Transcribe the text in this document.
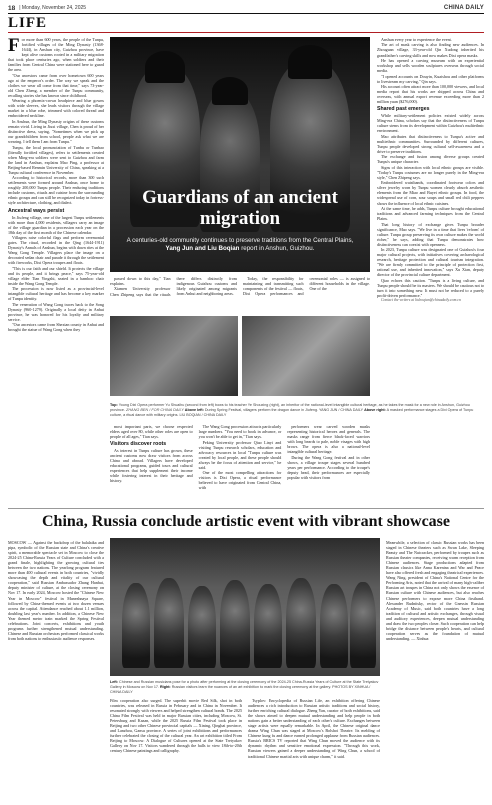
18 | Monday, November 24, 2025	CHINA DAILY
LIFE

For more than 600 years, the people of the Tunpu, fortified villages of the Ming Dynasty (1368-1644), in Anshun city, Guizhou province, have kept alive customs rooted in a military migration that took place centuries ago, when soldiers and their families from Central China were stationed here to guard the area.

"Our ancestors came from over hometown 600 years ago at the emperor's order. The way we speak and the clothes we wear all come from that time," says 73-year-old Chen Zheng, a member of the Tunpu community, recalling stories she has known since childhood.

Wearing a phoenix-crown headpiece and blue gowns with wide sleeves, she leads visitors through the village market in a blue robe, trimmed with colored thread and embroidered neckline.

In Anshun, the Ming Dynasty origins of these customs remain vivid. Living in Jiuxi village, Chen is proud of her distinctive dress, saying, "Sometimes when we pick up our grandchildren from school, people ask what we are wearing. I tell them I am from Tunpu."

Tunpu, the local pronunciation of Tunbu or Tunbao (literally fortified villages), refers to settlements created when Ming-era soldiers were sent to Guizhou and farm the land in Anshun, explains Mao Ping, a professor at Beijing-based Renmin University of China, speaking at a Tunpu cultural conference in November.

According to historical records, more than 300 such settlements were formed around Anshun, once home to roughly 200,000 Tunpu people. Their enduring traditions include customs, rituals and cuisine from the surrounding ethnic groups and can still be recognized today in fortress-style architecture, clothing, and dialect.

Ancestral ways persist

In Jiufeng village, one of the largest Tunpu settlements with more than 4,000 residents, villagers carry an image of the village guardian in a procession each year on the 18th day of the first month of the Chinese calendar.

Villagers raise colorful flags and perform ceremonial gates. The ritual, recorded in the Qing (1644-1911) Dynasty's Annals of Anshun, begins with dawn rites at the Wang Gong Temple. Villagers place the image on a decorated sedan chair and parade it through the settlement with fireworks, Dixi Opera troupes and floats.

"This is our faith and our shield. It protects the village and its people, and it brings peace," says 75-year-old village elder Tian Yingzhi, seated in a bamboo chair inside the Wang Gong Temple.

The procession is now listed as a provincial-level intangible cultural heritage and has become a key marker of Tunpu identity.

The veneration of Wang Gong traces back to the Song Dynasty (960-1279). Originally a local deity in Anhui province, he was honored for his loyalty and military service.

"Our ancestors came from Shexian county in Anhui and brought the statue of Wang Gong when they

Guardians of an ancient migration
A centuries-old community continues to preserve traditions from the Central Plains, Yang Jun and Liu Boqian report in Anshun, Guizhou.

passed down to this day," Tian explains.

Xiamen University professor Chen Zhipeng says that the rituals there differs distinctly from indigenous Guizhou customs and likely originated among migrants from Anhui and neighboring areas.

Today, the responsibility for maintaining and transmitting such components of the festival — floats, Dixi Opera performances and ceremonial roles — is assigned to different households in the village. One of the

Top: Young Dixi Opera performer Yu Shuaihu (second from left) bows to his teacher Ye Shouxing (right), an inheritor of the national-level intangible cultural heritage, as he takes the mask for a new role in Anshun, Guizhou province. ZHANG BEN / FOR CHINA DAILY Above left: During Spring Festival, villagers perform the dragon dance in Jiufeng. YANG JUN / CHINA DAILY Above right: A masked performance stages a Dixi Opera of Tunpu culture, a ritual dance with military origins. LIU BOQIAN / CHINA DAILY

most important parts, we choose respected elders aged over 80, while other roles are open to people of all ages," Tian says.

Visitors discover roots

As interest in Tunpu culture has grown, these ancient customs now draw visitors from across China and abroad. Villagers have developed educational programs, guided tours and cultural experiences that help supplement their income while fostering interest in their heritage and history.

The Wang Gong procession attracts particularly large numbers. "You need to book in advance, or you won't be able to get in," Tian says.

Peking University professor Qiao Linyi and visiting Tunpu research scholars, education and advocacy resources in local "Tunpu culture was created by local people, and these people should always be the focus of attention and service," he said.

One of the most compelling attractions for visitors is Dixi Opera, a ritual performance believed to have originated from Central China, with

performers wear carved wooden masks representing historical heroes and generals. The masks range from fierce black-faced warriors with long beards to pale, noble visages with high brows. The opera is also a national-level intangible cultural heritage.

During the Wang Gong festival and in other shows, a village troupe stages several hundred years per performance. According to the troupe's deputy head, their performances are especially popular with visitors from

Anshun every year to experience the event.

The art of mask carving is also finding new audiences. In Zhouguan village, 33-year-old Qin Xudong inherited his grandfather's carving skills and now makes Dixi opera masks.

He has opened a carving museum with an experiential workshop and sells wooden sculptures overseas through social media.

"I opened accounts on Douyin, Kuaishou and other platforms to livestream my carving," Qin says.

His account often attract more than 100,000 viewers, and local media report that his works are shipped across China and overseas, with annual export revenue exceeding more than 2 million yuan ($276,000).

Shared past emerges

While military-settlement policies existed widely across Ming-era China, scholars say that the distinctiveness of Tunpu culture stems from its development within Guizhou's multiethnic environment.

Mao attributes that distinctiveness to Tunpu's active and multiethnic communities. Surrounded by different cultures, Tunpu people developed strong cultural self-awareness and a drive to preserve traditions.

The exchange and fusion among diverse groups created Tunpu's unique character.

Signs of this interaction with local ethnic groups are visible. "Today's Tunpu costumes are no longer purely in the Ming-era style," Chen Zhipeng says.

Embroidered waistbands, coordinated footwear colors and silver jewelry worn by Tunpu women clearly absorb aesthetic elements from the Miao and Buyei ethnic groups. In food, the widespread use of corn, sour soups and small red chili peppers shows the influence of local ethnic cuisines.

At the same time, he adds, Tunpu culture brought educational traditions and advanced farming techniques from the Central Plains.

That long history of exchange gives Tunpu broader significance, Mao says. "We live in a time that lives 'reform' of culture. Tunpu group preserving its own culture makes the world richer," he says, adding that Tunpu demonstrates how distinctiveness can coexist with openness.

In 2023, Tunpu culture was designated one of Guizhou's four major cultural projects, with initiatives covering archaeological research, heritage protection and cultural tourism integration. "We are firmly committed to the principle of protection first, rational use, and inherited innovation," says Xu Xian, deputy director of the provincial culture department.

Qiao echoes this caution. "Tunpu is a living culture, and Tunpu people should be its masters. We should be cautious not to turn it into something new. It must not be reduced to a purely profit-driven performance."

Contact the writers at liuboqian@chinadaily.com.cn

China, Russia conclude artistic event with vibrant showcase

MOSCOW — Against the backdrop of the balalaika and pipa, symbolic of the Russian state and China's creative spirit, a memorable spectacle set in Moscow to close the 2024-25 China-Russia Years of Culture concluded with a grand finale, highlighting the growing cultural ties between the two nations. The yearlong program featured more than 400 cultural events in both countries, "vividly showcasing the depth and vitality of our cultural cooperation," said Russian Ambassador Zhang Hanhui, deputy minister of culture, at the closing ceremony on Nov 17. In early 2024, Moscow hosted the "Chinese New Year in Moscow" festival in Manezhnaya Square, followed by China-themed events at two dozen venues across the capital. Attendance reached about 1.1 million, doubling last year's number. In addition, a Chinese New Year themed metro train marked the Spring Festival celebrations. Joint concerts, exhibitions and youth programs further strengthened mutual understanding. Chinese and Russian orchestras performed classical works from both nations to enthusiastic audience responses.

Left: Chinese and Russian musicians pose for a photo after performing at the closing ceremony of the 2024-25 China-Russia Years of Culture at the State Tretyakov Gallery in Moscow on Nov 17. Right: Russian visitors learn the nuances of an art exhibition to mark the closing ceremony at the gallery. PHOTOS BY XINHUA / CHINA DAILY

Film cooperation also surged. The superhit movie Red Silk, shot in both countries, was released in Russia in February and in China in November. It resonated strongly with viewers and helped strengthen cultural bonds. The 2025 China Film Festival was held in major Russian cities, including Moscow, St. Petersburg and Kazan, while the 2025 Russia Film Festival took place in Beijing and two other Chinese provincial capitals — Xining, Qinghai province, and Lanzhou, Gansu province. A series of joint exhibitions and performances further celebrated the closing of the cultural year. An art exhibition titled From Beijing to Moscow: A Dialogue of Cultures opened at the State Tretyakov Gallery on Nov 17. Visitors wandered through the halls to view 18th-to-20th century Chinese paintings and calligraphy.

Tsyplov: Encyclopedia of Russian Life, an exhibition offering Chinese audiences a rich introduction to Russian artistic traditions and social history, further enriching cultural dialogue. Zheng Yan, curator of both exhibitions, said the shows aimed to deepen mutual understanding and help people in both nations gain a better understanding of each other's culture. Exchanges between stage artists were equally remarkable. In April, the Chinese original dance drama Wing Chun was staged at Moscow's Bolshoi Theatre. Its melding of Chinese kung fu and dance earned prolonged applause from Russian audiences. Russia's BRICS TV reported that Wing Chun moved the audience with its dynamic rhythm and sensitive emotional expression. "Through this work, Russian viewers gained a deeper understanding of Wing Chun, a school of traditional Chinese martial arts with unique charm," it said.

Meanwhile, a selection of classic Russian works has been staged in Chinese theaters such as Swan Lake, Sleeping Beauty and The Nutcracker, performed by troupes such as Russian theater companies, receiving warm reception from Chinese audiences. Stage productions adapted from Russian classics like Anna Karenina and War and Peace have also offered fresh and engaging theatrical experiences. Wang Ning, president of China's National Centre for the Performing Arts, noted that the arrival of many high-caliber Russian art troupes in China not only shows the essence of Russian culture with Chinese audiences, but also reaches Chinese performers to expose more China firsthand. Alexander Rudnitsky, rector of the Gnessin Russian Academy of Music, said both countries have a long tradition of cultural and artistic exchanges, through visual and auditory experiences, deepen mutual understanding and draw the two peoples closer. Such cooperation can help bridge the distance between people's hearts, and cultural cooperation serves as the foundation of mutual understanding. — Xinhua
